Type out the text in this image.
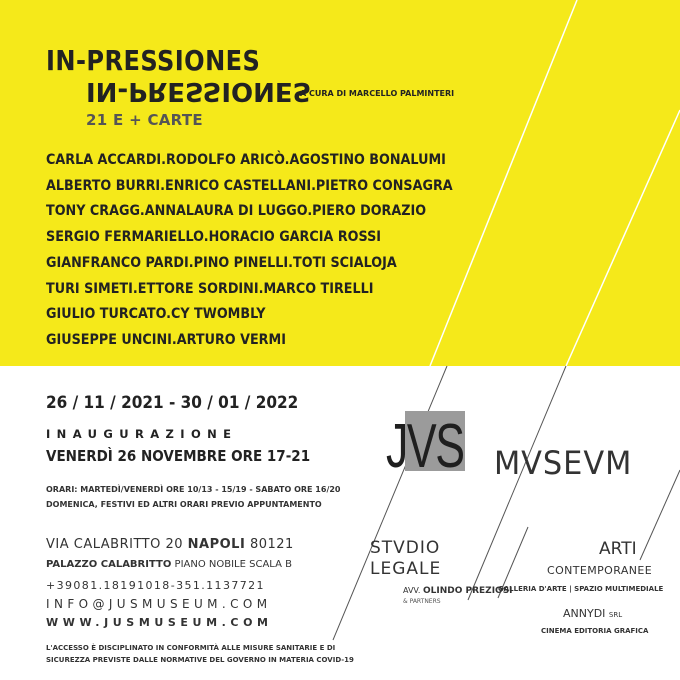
IN-PRESSIONES
IN-PRESSIONES
A CURA DI MARCELLO PALMINTERI
21 E + CARTE
CARLA ACCARDI.RODOLFO ARICÒ.AGOSTINO BONALUMI
ALBERTO BURRI.ENRICO CASTELLANI.PIETRO CONSAGRA
TONY CRAGG.ANNALAURA DI LUGGO.PIERO DORAZIO
SERGIO FERMARIELLO.HORACIO GARCIA ROSSI
GIANFRANCO PARDI.PINO PINELLI.TOTI SCIALOJA
TURI SIMETI.ETTORE SORDINI.MARCO TIRELLI
GIULIO TURCATO.CY TWOMBLY
GIUSEPPE UNCINI.ARTURO VERMI
26 / 11 / 2021 - 30 / 01 / 2022
INAUGURAZIONE
VENERDÌ 26 NOVEMBRE ORE 17-21
ORARI: MARTEDÌ/VENERDÌ ORE 10/13 - 15/19 - SABATO ORE 16/20
DOMENICA, FESTIVI ED ALTRI ORARI PREVIO APPUNTAMENTO
VIA CALABRITTO 20 NAPOLI 80121
PALAZZO CALABRITTO PIANO NOBILE SCALA B
+39081.18191018-351.1137721
INFO@JUSMUSEUM.COM
WWW.JUSMUSEUM.COM
L'ACCESSO È DISCIPLINATO IN CONFORMITÀ ALLE MISURE SANITARIE E DI
SICUREZZA PREVISTE DALLE NORMATIVE DEL GOVERNO IN MATERIA COVID-19
JVS MVSEVM
STVDIO
LEGALE
AVV. OLINDO PREZIOSI
& PARTNERS
ARTI
CONTEMPORANEE
GALLERIA D'ARTE | SPAZIO MULTIMEDIALE
ANNYDI SRL
CINEMA EDITORIA GRAFICA
